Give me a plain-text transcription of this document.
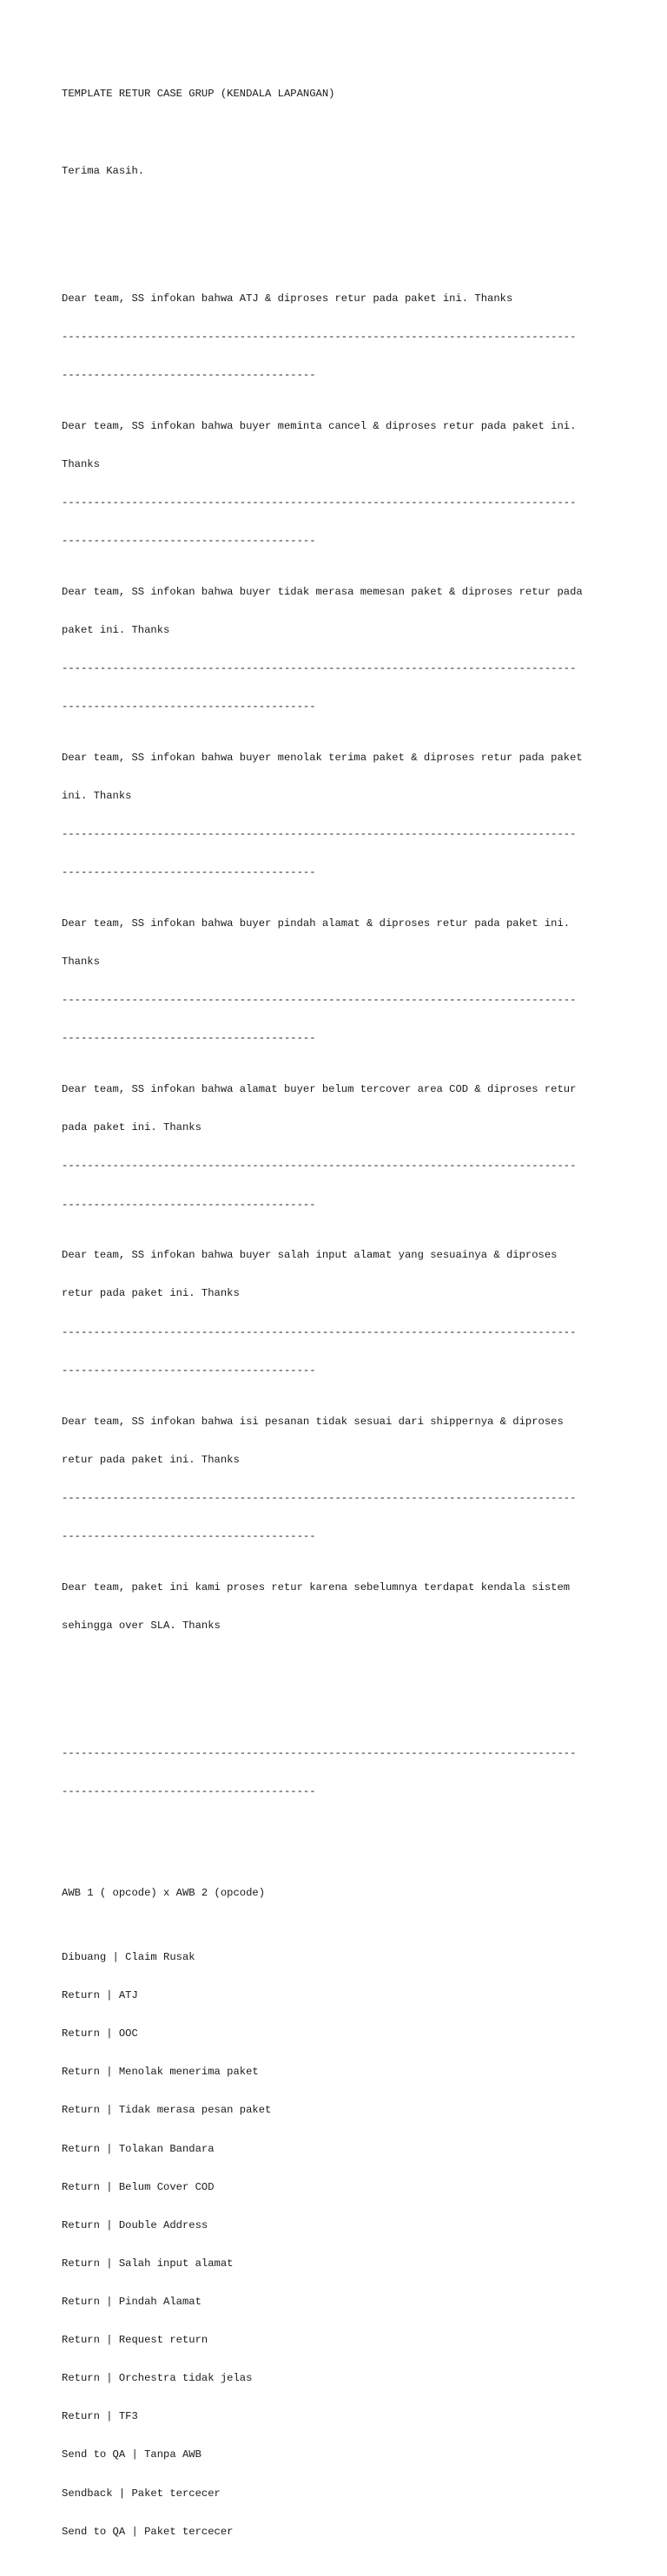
TEMPLATE RETUR CASE GRUP (KENDALA LAPANGAN)

Terima Kasih.

Dear team, SS infokan bahwa ATJ & diproses retur pada paket ini. Thanks

---------------------------------------------------------------------------------

----------------------------------------

Dear team, SS infokan bahwa buyer meminta cancel & diproses retur pada paket ini.

Thanks

---------------------------------------------------------------------------------

----------------------------------------

Dear team, SS infokan bahwa buyer tidak merasa memesan paket & diproses retur pada

paket ini. Thanks

---------------------------------------------------------------------------------

----------------------------------------

Dear team, SS infokan bahwa buyer menolak terima paket & diproses retur pada paket

ini. Thanks

---------------------------------------------------------------------------------

----------------------------------------

Dear team, SS infokan bahwa buyer pindah alamat & diproses retur pada paket ini.

Thanks

---------------------------------------------------------------------------------

----------------------------------------

Dear team, SS infokan bahwa alamat buyer belum tercover area COD & diproses retur

pada paket ini. Thanks

---------------------------------------------------------------------------------

----------------------------------------

Dear team, SS infokan bahwa buyer salah input alamat yang sesuainya & diproses

retur pada paket ini. Thanks

---------------------------------------------------------------------------------

----------------------------------------

Dear team, SS infokan bahwa isi pesanan tidak sesuai dari shippernya & diproses

retur pada paket ini. Thanks

---------------------------------------------------------------------------------

----------------------------------------

Dear team, paket ini kami proses retur karena sebelumnya terdapat kendala sistem

sehingga over SLA. Thanks

---------------------------------------------------------------------------------

----------------------------------------

AWB 1 ( opcode) x AWB 2 (opcode)

Dibuang | Claim Rusak

Return | ATJ

Return | OOC

Return | Menolak menerima paket

Return | Tidak merasa pesan paket

Return | Tolakan Bandara

Return | Belum Cover COD

Return | Double Address

Return | Salah input alamat

Return | Pindah Alamat

Return | Request return

Return | Orchestra tidak jelas

Return | TF3

Send to QA | Tanpa AWB

Sendback | Paket tercecer

Send to QA | Paket tercecer
